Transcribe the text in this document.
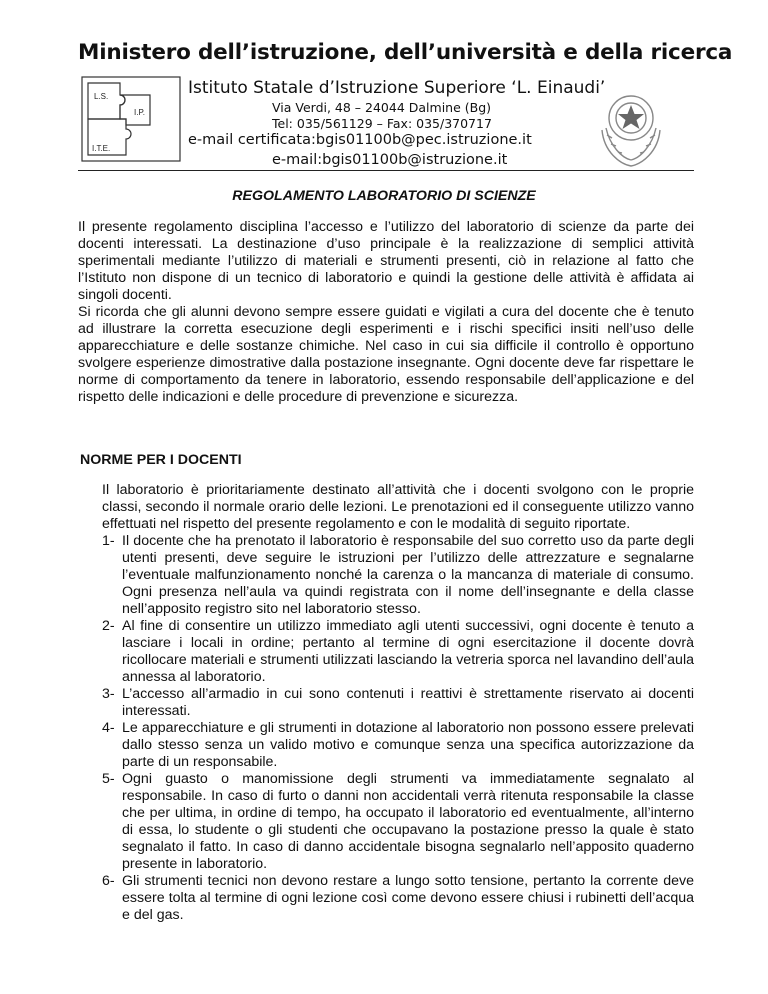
Ministero dell’istruzione, dell’università e della ricerca
L.S.
I.P.
I.T.E.
Istituto Statale d’Istruzione Superiore ‘L. Einaudi’
Via Verdi, 48 – 24044 Dalmine (Bg)
Tel: 035/561129 – Fax: 035/370717
e-mail certificata:bgis01100b@pec.istruzione.it
e-mail:bgis01100b@istruzione.it
REGOLAMENTO LABORATORIO DI SCIENZE

Il presente regolamento disciplina l’accesso e l’utilizzo del laboratorio di scienze da parte dei docenti interessati. La destinazione d’uso principale è la realizzazione di semplici attività sperimentali mediante l’utilizzo di materiali e strumenti presenti, ciò in relazione al fatto che l’Istituto non dispone di un tecnico di laboratorio e quindi la gestione delle attività è affidata ai singoli docenti.

Si ricorda che gli alunni devono sempre essere guidati e vigilati a cura del docente che è tenuto ad illustrare la corretta esecuzione degli esperimenti e i rischi specifici insiti nell’uso delle apparecchiature e delle sostanze chimiche. Nel caso in cui sia difficile il controllo è opportuno svolgere esperienze dimostrative dalla postazione insegnante. Ogni docente deve far rispettare le norme di comportamento da tenere in laboratorio, essendo responsabile dell’applicazione e del rispetto delle indicazioni e delle procedure di prevenzione e sicurezza.

NORME PER I DOCENTI

Il laboratorio è prioritariamente destinato all’attività che i docenti svolgono con le proprie classi, secondo il normale orario delle lezioni. Le prenotazioni ed il conseguente utilizzo vanno effettuati nel rispetto del presente regolamento e con le modalità di seguito riportate.

1- Il docente che ha prenotato il laboratorio è responsabile del suo corretto uso da parte degli utenti presenti, deve seguire le istruzioni per l’utilizzo delle attrezzature e segnalarne l’eventuale malfunzionamento nonché la carenza o la mancanza di materiale di consumo. Ogni presenza nell’aula va quindi registrata con il nome dell’insegnante e della classe nell’apposito registro sito nel laboratorio stesso.
2- Al fine di consentire un utilizzo immediato agli utenti successivi, ogni docente è tenuto a lasciare i locali in ordine; pertanto al termine di ogni esercitazione il docente dovrà ricollocare materiali e strumenti utilizzati lasciando la vetreria sporca nel lavandino dell’aula annessa al laboratorio.
3- L’accesso all’armadio in cui sono contenuti i reattivi è strettamente riservato ai docenti interessati.
4- Le apparecchiature e gli strumenti in dotazione al laboratorio non possono essere prelevati dallo stesso senza un valido motivo e comunque senza una specifica autorizzazione da parte di un responsabile.
5- Ogni guasto o manomissione degli strumenti va immediatamente segnalato al responsabile. In caso di furto o danni non accidentali verrà ritenuta responsabile la classe che per ultima, in ordine di tempo, ha occupato il laboratorio ed eventualmente, all’interno di essa, lo studente o gli studenti che occupavano la postazione presso la quale è stato segnalato il fatto. In caso di danno accidentale bisogna segnalarlo nell’apposito quaderno presente in laboratorio.
6- Gli strumenti tecnici non devono restare a lungo sotto tensione, pertanto la corrente deve essere tolta al termine di ogni lezione così come devono essere chiusi i rubinetti dell’acqua e del gas.
